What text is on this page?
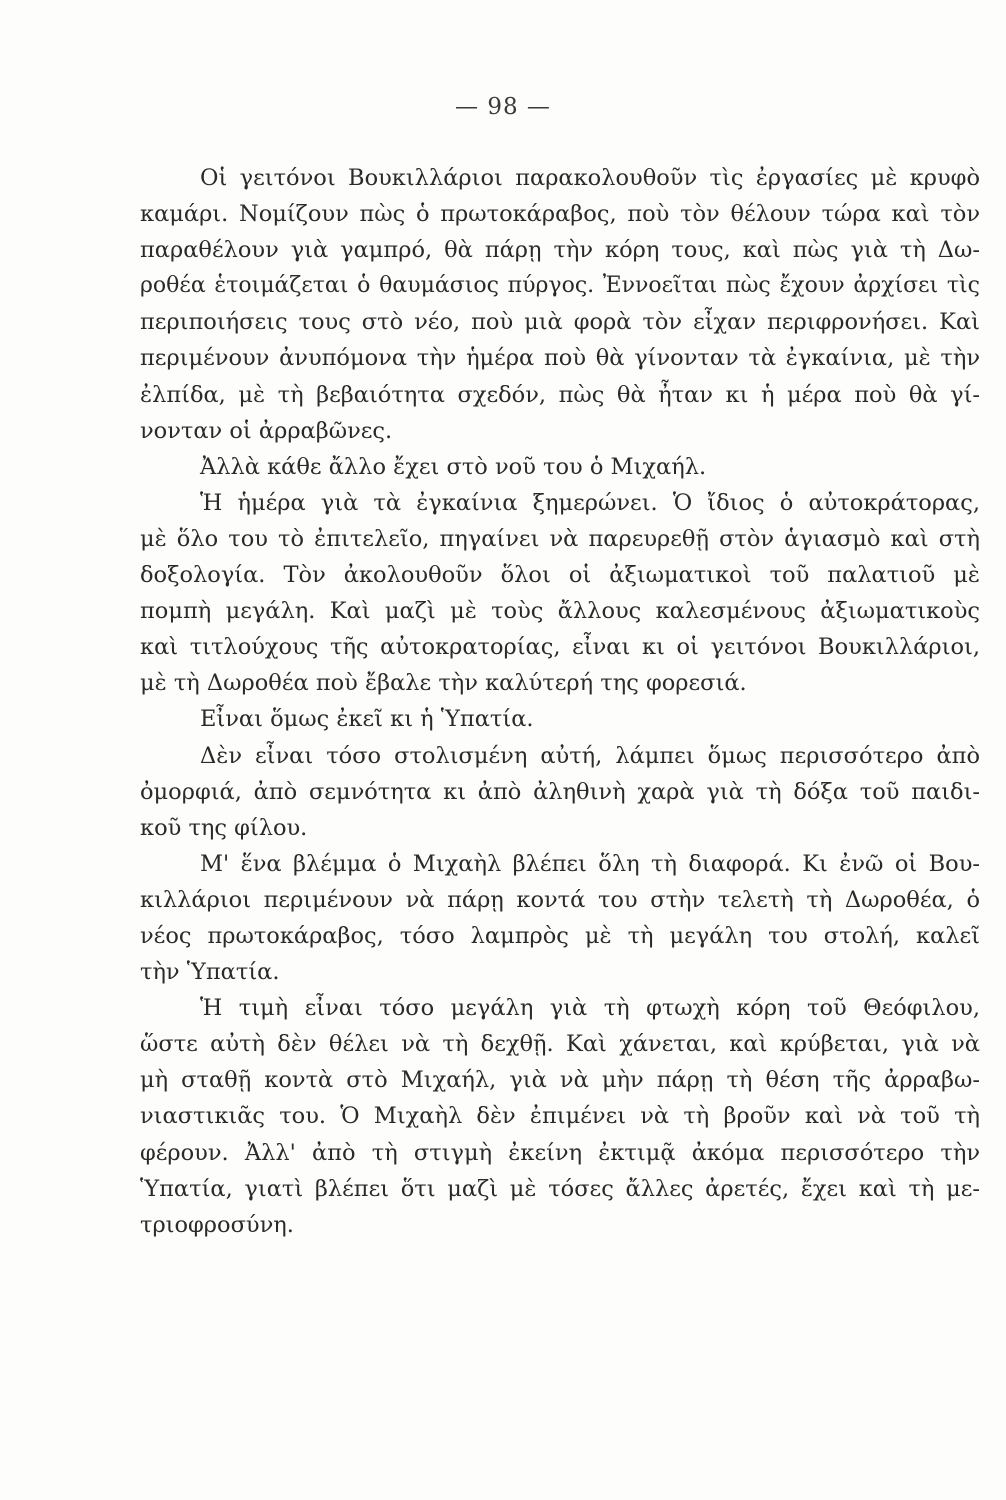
— 98 —
Οἱ γειτόνοι Βουκιλλάριοι παρακολουθοῦν τὶς ἐργασίες μὲ κρυφὸ
καμάρι. Νομίζουν πὼς ὁ πρωτοκάραβος, ποὺ τὸν θέλουν τώρα καὶ τὸν
παραθέλουν γιὰ γαμπρό, θὰ πάρῃ τὴν κόρη τους, καὶ πὼς γιὰ τὴ Δω-
ροθέα ἑτοιμάζεται ὁ θαυμάσιος πύργος. Ἐννοεῖται πὼς ἔχουν ἀρχίσει τὶς
περιποιήσεις τους στὸ νέο, ποὺ μιὰ φορὰ τὸν εἶχαν περιφρονήσει. Καὶ
περιμένουν ἀνυπόμονα τὴν ἡμέρα ποὺ θὰ γίνονταν τὰ ἐγκαίνια, μὲ τὴν
ἐλπίδα, μὲ τὴ βεβαιότητα σχεδόν, πὼς θὰ ἦταν κι ἡ μέρα ποὺ θὰ γί-
νονταν οἱ ἀρραβῶνες.
Ἀλλὰ κάθε ἄλλο ἔχει στὸ νοῦ του ὁ Μιχαήλ.
Ἡ ἡμέρα γιὰ τὰ ἐγκαίνια ξημερώνει. Ὁ ἴδιος ὁ αὐτοκράτορας,
μὲ ὅλο του τὸ ἐπιτελεῖο, πηγαίνει νὰ παρευρεθῇ στὸν ἁγιασμὸ καὶ στὴ
δοξολογία. Τὸν ἀκολουθοῦν ὅλοι οἱ ἀξιωματικοὶ τοῦ παλατιοῦ μὲ
πομπὴ μεγάλη. Καὶ μαζὶ μὲ τοὺς ἄλλους καλεσμένους ἀξιωματικοὺς
καὶ τιτλούχους τῆς αὐτοκρατορίας, εἶναι κι οἱ γειτόνοι Βουκιλλάριοι,
μὲ τὴ Δωροθέα ποὺ ἔβαλε τὴν καλύτερή της φορεσιά.
Εἶναι ὅμως ἐκεῖ κι ἡ Ὑπατία.
Δὲν εἶναι τόσο στολισμένη αὐτή, λάμπει ὅμως περισσότερο ἀπὸ
ὀμορφιά, ἀπὸ σεμνότητα κι ἀπὸ ἀληθινὴ χαρὰ γιὰ τὴ δόξα τοῦ παιδι-
κοῦ της φίλου.
Μ' ἕνα βλέμμα ὁ Μιχαὴλ βλέπει ὅλη τὴ διαφορά. Κι ἐνῶ οἱ Βου-
κιλλάριοι περιμένουν νὰ πάρῃ κοντά του στὴν τελετὴ τὴ Δωροθέα, ὁ
νέος πρωτοκάραβος, τόσο λαμπρὸς μὲ τὴ μεγάλη του στολή, καλεῖ
τὴν Ὑπατία.
Ἡ τιμὴ εἶναι τόσο μεγάλη γιὰ τὴ φτωχὴ κόρη τοῦ Θεόφιλου,
ὥστε αὐτὴ δὲν θέλει νὰ τὴ δεχθῇ. Καὶ χάνεται, καὶ κρύβεται, γιὰ νὰ
μὴ σταθῇ κοντὰ στὸ Μιχαήλ, γιὰ νὰ μὴν πάρῃ τὴ θέση τῆς ἀρραβω-
νιαστικιᾶς του. Ὁ Μιχαὴλ δὲν ἐπιμένει νὰ τὴ βροῦν καὶ νὰ τοῦ τὴ
φέρουν. Ἀλλ' ἀπὸ τὴ στιγμὴ ἐκείνη ἐκτιμᾷ ἀκόμα περισσότερο τὴν
Ὑπατία, γιατὶ βλέπει ὅτι μαζὶ μὲ τόσες ἄλλες ἀρετές, ἔχει καὶ τὴ με-
τριοφροσύνη.
